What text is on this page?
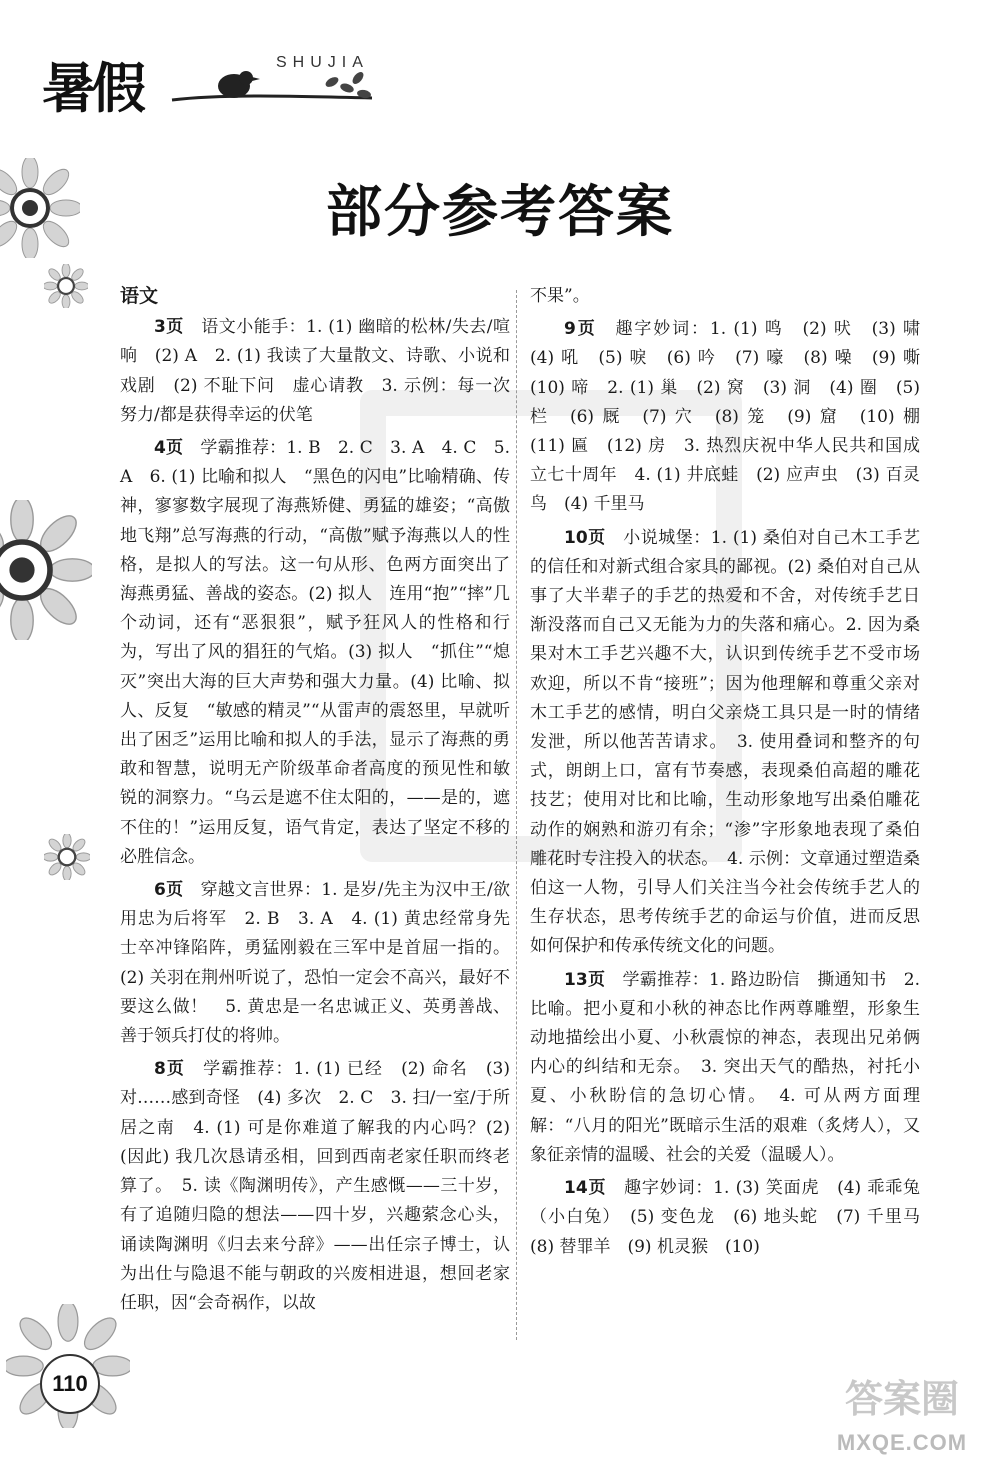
暑假	SHUJIA
部分参考答案
语文

3页　 语文小能手：1. (1) 幽暗的松林/失去/喧响　(2) A　2. (1) 我读了大量散文、诗歌、小说和戏剧　(2) 不耻下问　虚心请教　3. 示例：每一次努力/都是获得幸运的伏笔

4页　 学霸推荐：1. B　2. C　3. A　4. C　5. A　6. (1) 比喻和拟人　“黑色的闪电”比喻精确、传神，寥寥数字展现了海燕矫健、勇猛的雄姿；“高傲地飞翔”总写海燕的行动，“高傲”赋予海燕以人的性格，是拟人的写法。这一句从形、色两方面突出了海燕勇猛、善战的姿态。(2) 拟人　连用“抱”“摔”几个动词，还有“恶狠狠”，赋予狂风人的性格和行为，写出了风的猖狂的气焰。(3) 拟人　“抓住”“熄灭”突出大海的巨大声势和强大力量。(4) 比喻、拟人、反复　“敏感的精灵”“从雷声的震怒里，早就听出了困乏”运用比喻和拟人的手法，显示了海燕的勇敢和智慧，说明无产阶级革命者高度的预见性和敏锐的洞察力。“乌云是遮不住太阳的，——是的，遮不住的！”运用反复，语气肯定，表达了坚定不移的必胜信念。

6页　 穿越文言世界：1. 是岁/先主为汉中王/欲用忠为后将军　2. B　3. A　4. (1) 黄忠经常身先士卒冲锋陷阵，勇猛刚毅在三军中是首屈一指的。(2) 关羽在荆州听说了，恐怕一定会不高兴，最好不要这么做！　5. 黄忠是一名忠诚正义、英勇善战、善于领兵打仗的将帅。

8页　 学霸推荐：1. (1) 已经　(2) 命名　(3) 对……感到奇怪　(4) 多次　2. C　3. 扫/一室/于所居之南　4. (1) 可是你难道了解我的内心吗？(2) (因此) 我几次恳请丞相，回到西南老家任职而终老算了。　5. 读《陶渊明传》，产生感慨——三十岁，有了追随归隐的想法——四十岁，兴趣萦念心头，诵读陶渊明《归去来兮辞》——出任宗子博士，认为出仕与隐退不能与朝政的兴废相进退，想回老家任职，因“会奇祸作，以故

不果”。

9页　 趣字妙词：1. (1) 鸣　(2) 吠　(3) 啸　(4) 吼　(5) 唳　(6) 吟　(7) 嚎　(8) 噪　(9) 嘶　(10) 啼　2. (1) 巢　(2) 窝　(3) 洞　(4) 圈　(5) 栏　(6) 厩　(7) 穴　(8) 笼　(9) 窟　(10) 棚　(11) 匾　(12) 房　3. 热烈庆祝中华人民共和国成立七十周年　4. (1) 井底蛙　(2) 应声虫　(3) 百灵鸟　(4) 千里马

10页　 小说城堡：1. (1) 桑伯对自己木工手艺的信任和对新式组合家具的鄙视。(2) 桑伯对自己从事了大半辈子的手艺的热爱和不舍，对传统手艺日渐没落而自己又无能为力的失落和痛心。2. 因为桑果对木工手艺兴趣不大，认识到传统手艺不受市场欢迎，所以不肯“接班”；因为他理解和尊重父亲对木工手艺的感情，明白父亲烧工具只是一时的情绪发泄，所以他苦苦请求。　3. 使用叠词和整齐的句式，朗朗上口，富有节奏感，表现桑伯高超的雕花技艺；使用对比和比喻，生动形象地写出桑伯雕花动作的娴熟和游刃有余；“渗”字形象地表现了桑伯雕花时专注投入的状态。　4. 示例：文章通过塑造桑伯这一人物，引导人们关注当今社会传统手艺人的生存状态，思考传统手艺的命运与价值，进而反思如何保护和传承传统文化的问题。

13页　 学霸推荐：1. 路边盼信　撕通知书　2. 比喻。把小夏和小秋的神态比作两尊雕塑，形象生动地描绘出小夏、小秋震惊的神态，表现出兄弟俩内心的纠结和无奈。　3. 突出天气的酷热，衬托小夏、小秋盼信的急切心情。　4. 可从两方面理解：“八月的阳光”既暗示生活的艰难（炙烤人），又象征亲情的温暖、社会的关爱（温暖人）。

14页　 趣字妙词：1. (3) 笑面虎　(4) 乖乖兔（小白兔）　(5) 变色龙　(6) 地头蛇　(7) 千里马　(8) 替罪羊　(9) 机灵猴　(10)

110	答案圈
MXQE.COM
